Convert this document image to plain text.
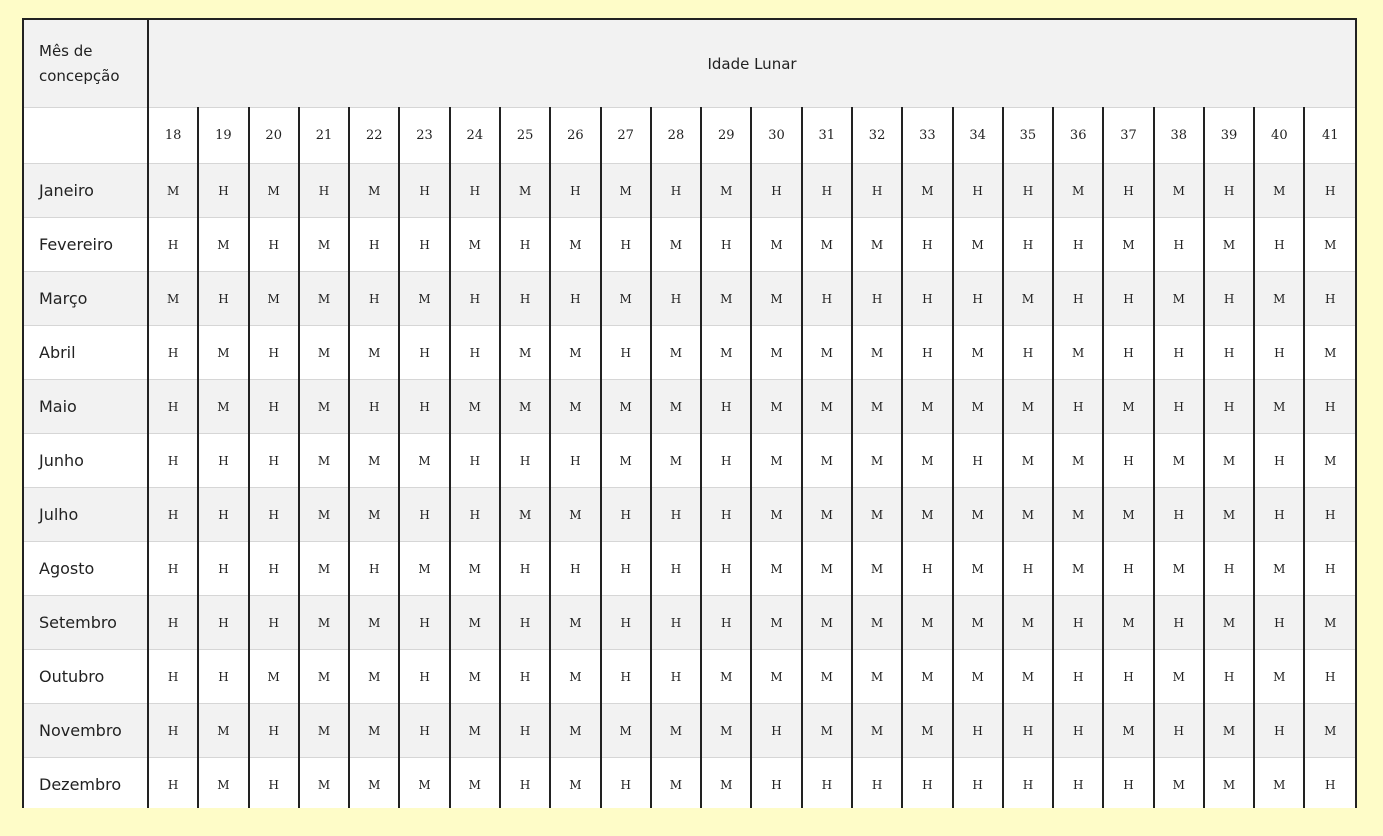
Mês de concepção	Idade Lunar																							
	18	19	20	21	22	23	24	25	26	27	28	29	30	31	32	33	34	35	36	37	38	39	40	41
Janeiro	M	H	M	H	M	H	H	M	H	M	H	M	H	H	H	M	H	H	M	H	M	H	M	H
Fevereiro	H	M	H	M	H	H	M	H	M	H	M	H	M	M	M	H	M	H	H	M	H	M	H	M
Março	M	H	M	M	H	M	H	H	H	M	H	M	M	H	H	H	H	M	H	H	M	H	M	H
Abril	H	M	H	M	M	H	H	M	M	H	M	M	M	M	M	H	M	H	M	H	H	H	H	M
Maio	H	M	H	M	H	H	M	M	M	M	M	H	M	M	M	M	M	M	H	M	H	H	M	H
Junho	H	H	H	M	M	M	H	H	H	M	M	H	M	M	M	M	H	M	M	H	M	M	H	M
Julho	H	H	H	M	M	H	H	M	M	H	H	H	M	M	M	M	M	M	M	M	H	M	H	H
Agosto	H	H	H	M	H	M	M	H	H	H	H	H	M	M	M	H	M	H	M	H	M	H	M	H
Setembro	H	H	H	M	M	H	M	H	M	H	H	H	M	M	M	M	M	M	H	M	H	M	H	M
Outubro	H	H	M	M	M	H	M	H	M	H	H	M	M	M	M	M	M	M	H	H	M	H	M	H
Novembro	H	M	H	M	M	H	M	H	M	M	M	M	H	M	M	M	H	H	H	M	H	M	H	M
Dezembro	H	M	H	M	M	M	M	H	M	H	M	M	H	H	H	H	H	H	H	H	M	M	M	H
